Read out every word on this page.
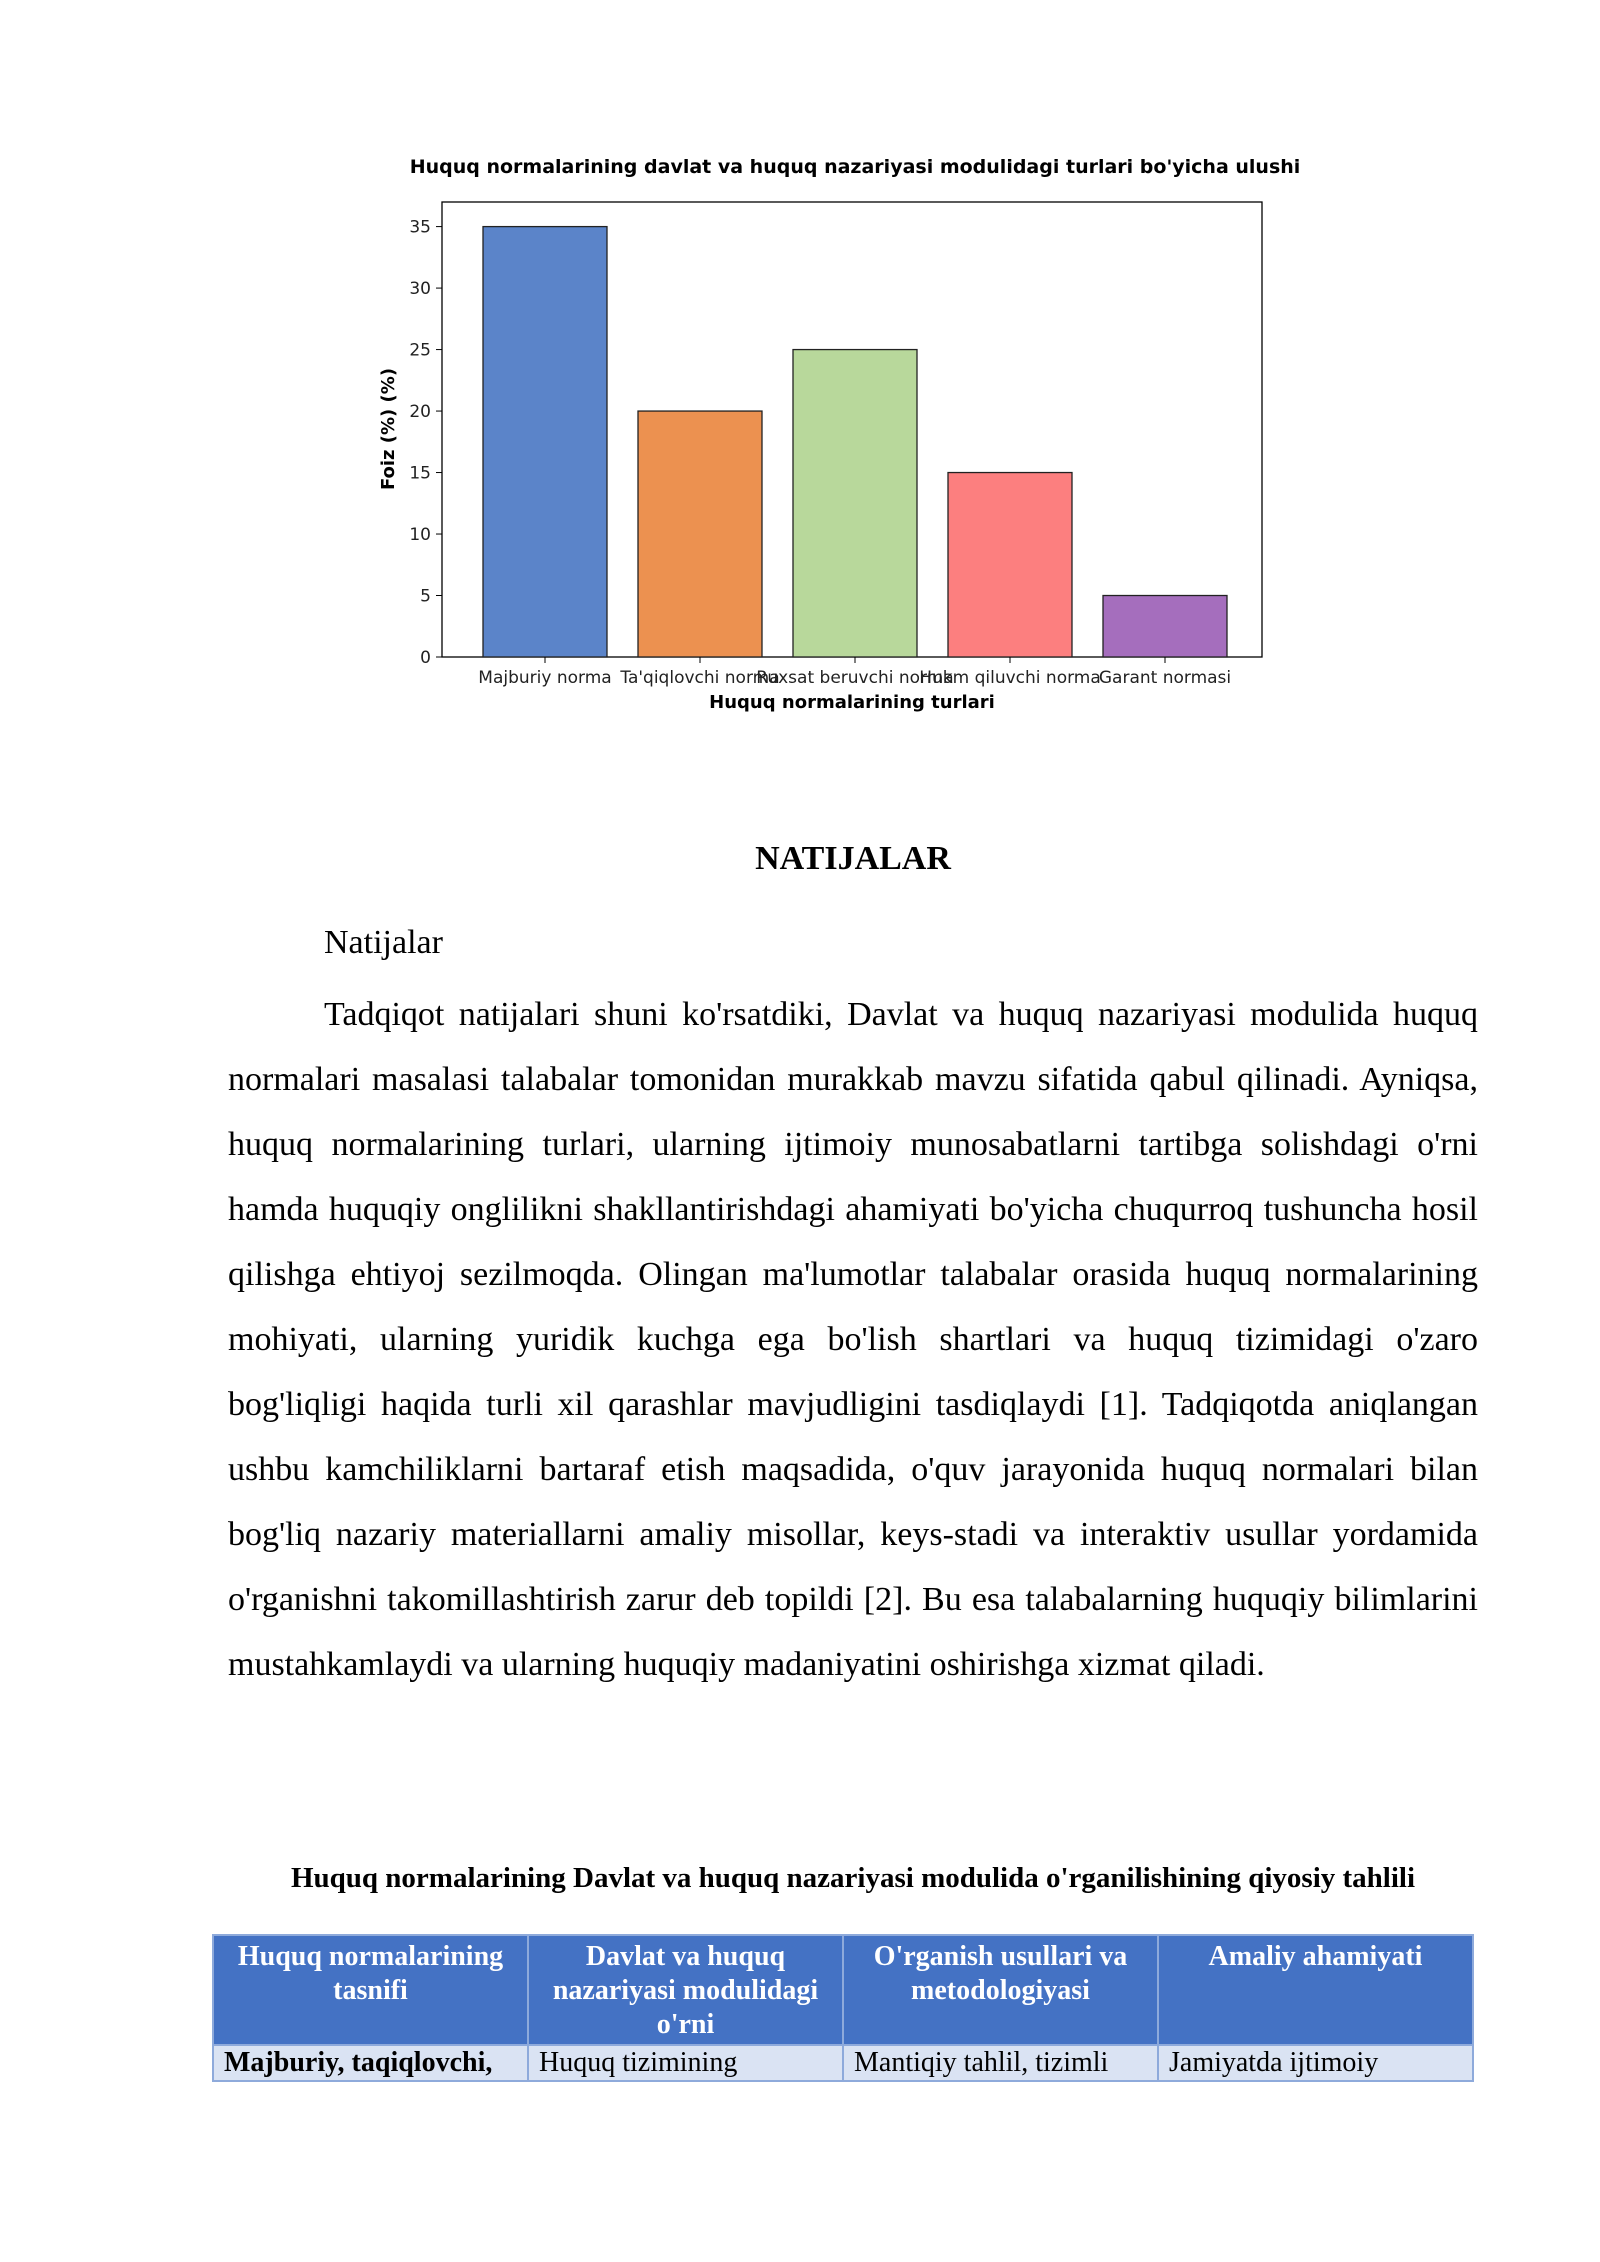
Huquq normalarining davlat va huquq nazariyasi modulidagi turlari bo'yicha ulushi
0
5
10
15
20
25
30
35
Majburiy norma Ta'qiqlovchi norma
Ruxsat beruvchi norma
Hukm qiluvchi norma
Garant normasi
Huquq normalarining turlari
Foiz (%) (%)
NATIJALAR
Natijalar

Tadqiqot natijalari shuni ko'rsatdiki, Davlat va huquq nazariyasi modulida huquq normalari masalasi talabalar tomonidan murakkab mavzu sifatida qabul qilinadi. Ayniqsa, huquq normalarining turlari, ularning ijtimoiy munosabatlarni tartibga solishdagi o'rni hamda huquqiy onglilikni shakllantirishdagi ahamiyati bo'yicha chuqurroq tushuncha hosil qilishga ehtiyoj sezilmoqda. Olingan ma'lumotlar talabalar orasida huquq normalarining mohiyati, ularning yuridik kuchga ega bo'lish shartlari va huquq tizimidagi o'zaro bog'liqligi haqida turli xil qarashlar mavjudligini tasdiqlaydi [1]. Tadqiqotda aniqlangan ushbu kamchiliklarni bartaraf etish maqsadida, o'quv jarayonida huquq normalari bilan bog'liq nazariy materiallarni amaliy misollar, keys-stadi va interaktiv usullar yordamida o'rganishni takomillashtirish zarur deb topildi [2]. Bu esa talabalarning huquqiy bilimlarini mustahkamlaydi va ularning huquqiy madaniyatini oshirishga xizmat qiladi.

Huquq normalarining Davlat va huquq nazariyasi modulida o'rganilishining qiyosiy tahlili
Huquq normalarining tasnifi	Davlat va huquq nazariyasi modulidagi o'rni	O'rganish usullari va metodologiyasi	Amaliy ahamiyati
Majburiy, taqiqlovchi,	Huquq tizimining	Mantiqiy tahlil, tizimli	Jamiyatda ijtimoiy
